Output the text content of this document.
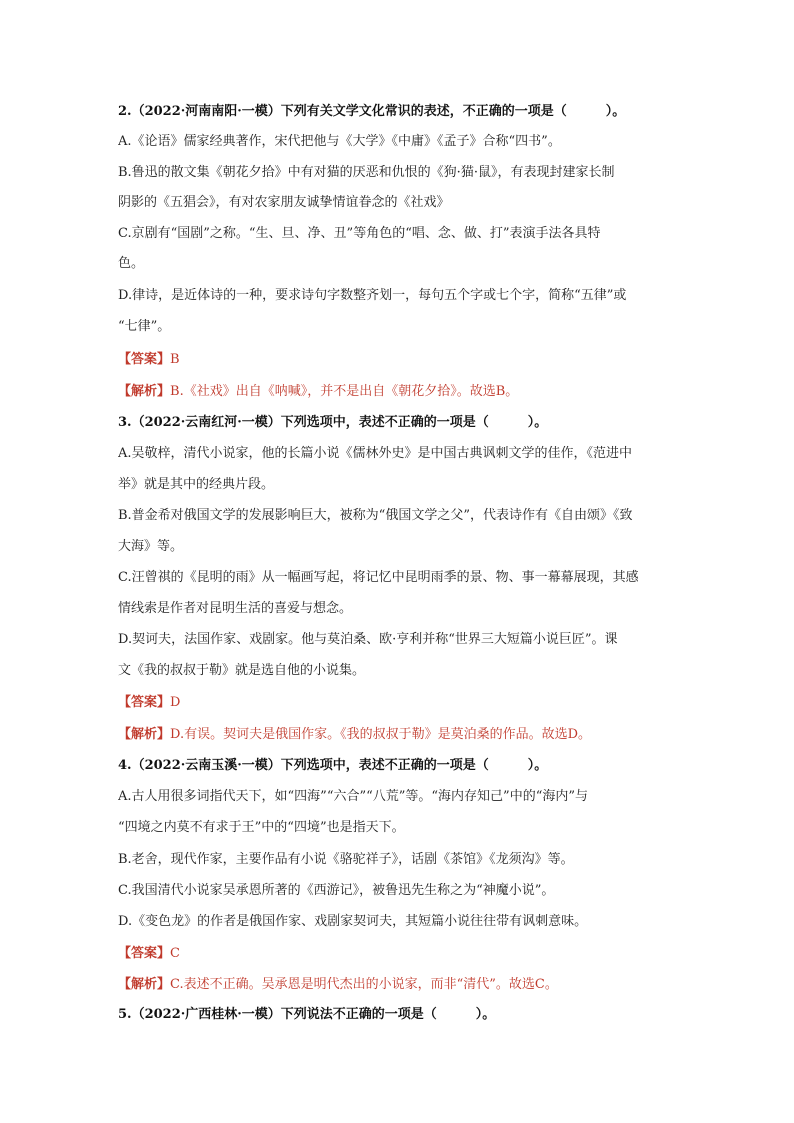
2.（2022·河南南阳·一模）下列有关文学文化常识的表述，不正确的一项是（　　　）。
A.《论语》儒家经典著作，宋代把他与《大学》《中庸》《孟子》合称“四书”。
B.鲁迅的散文集《朝花夕拾》中有对猫的厌恶和仇恨的《狗·猫·鼠》，有表现封建家长制
阴影的《五猖会》，有对农家朋友诚挚情谊眷念的《社戏》
C.京剧有“国剧”之称。“生、旦、净、丑”等角色的“唱、念、做、打”表演手法各具特
色。
D.律诗，是近体诗的一种，要求诗句字数整齐划一，每句五个字或七个字，简称“五律”或
“七律”。
【答案】B
【解析】B.《社戏》出自《呐喊》，并不是出自《朝花夕拾》。故选B。
3.（2022·云南红河·一模）下列选项中，表述不正确的一项是（　　　）。
A.吴敬梓，清代小说家，他的长篇小说《儒林外史》是中国古典讽刺文学的佳作，《范进中
举》就是其中的经典片段。
B.普金希对俄国文学的发展影响巨大，被称为“俄国文学之父”，代表诗作有《自由颂》《致
大海》等。
C.汪曾祺的《昆明的雨》从一幅画写起，将记忆中昆明雨季的景、物、事一幕幕展现，其感
情线索是作者对昆明生活的喜爱与想念。
D.契诃夫，法国作家、戏剧家。他与莫泊桑、欧·亨利并称“世界三大短篇小说巨匠”。课
文《我的叔叔于勒》就是选自他的小说集。
【答案】D
【解析】D.有误。契诃夫是俄国作家。《我的叔叔于勒》是莫泊桑的作品。故选D。
4.（2022·云南玉溪·一模）下列选项中，表述不正确的一项是（　　　）。
A.古人用很多词指代天下，如“四海”“六合”“八荒”等。“海内存知己”中的“海内”与
“四境之内莫不有求于王”中的“四境”也是指天下。
B.老舍，现代作家，主要作品有小说《骆驼祥子》，话剧《茶馆》《龙须沟》等。
C.我国清代小说家吴承恩所著的《西游记》，被鲁迅先生称之为“神魔小说”。
D.《变色龙》的作者是俄国作家、戏剧家契诃夫，其短篇小说往往带有讽刺意味。
【答案】C
【解析】C.表述不正确。吴承恩是明代杰出的小说家，而非“清代”。故选C。
5.（2022·广西桂林·一模）下列说法不正确的一项是（　　　）。
